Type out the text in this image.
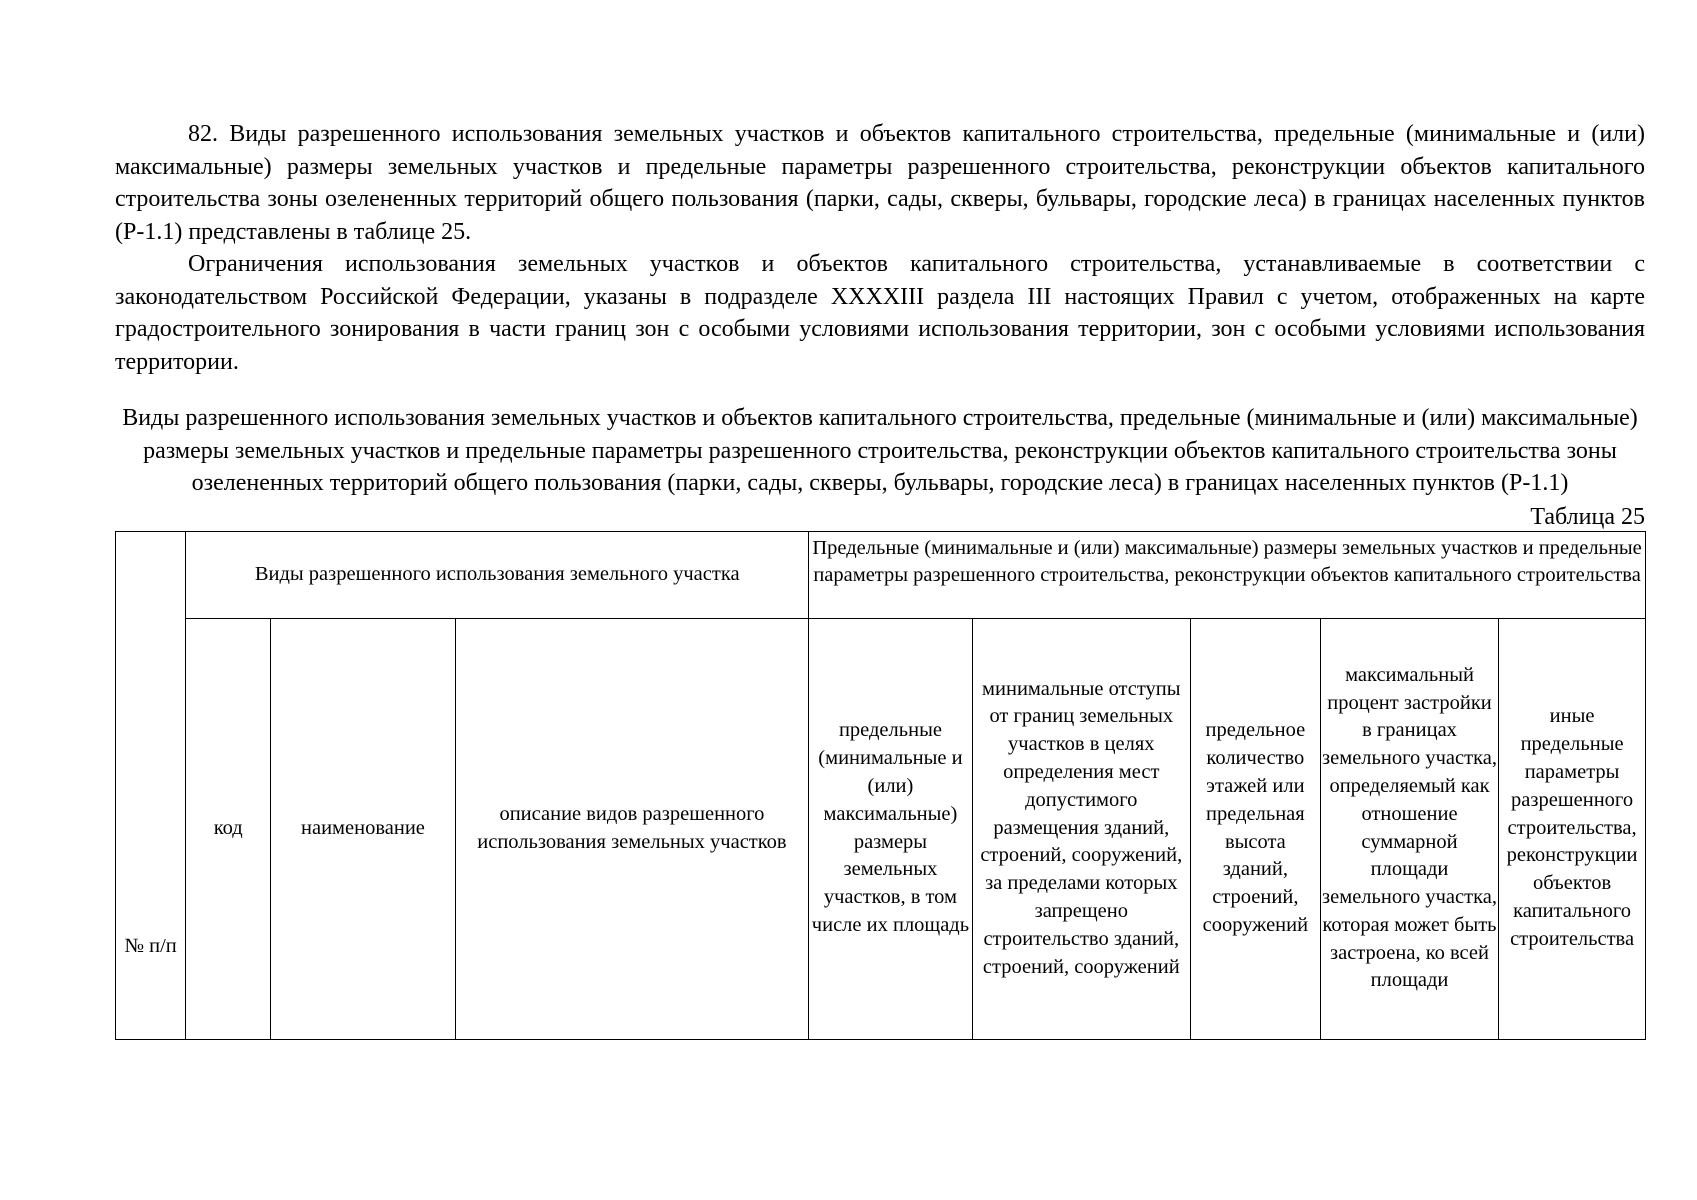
82. Виды разрешенного использования земельных участков и объектов капитального строительства, предельные (минимальные и (или) максимальные) размеры земельных участков и предельные параметры разрешенного строительства, реконструкции объектов капитального строительства зоны озелененных территорий общего пользования (парки, сады, скверы, бульвары, городские леса) в границах населенных пунктов (Р-1.1) представлены в таблице 25.

Ограничения использования земельных участков и объектов капитального строительства, устанавливаемые в соответствии с законодательством Российской Федерации, указаны в подразделе XXXXIII раздела III настоящих Правил с учетом, отображенных на карте градостроительного зонирования в части границ зон с особыми условиями использования территории, зон с особыми условиями использования территории.

Виды разрешенного использования земельных участков и объектов капитального строительства, предельные (минимальные и (или) максимальные) размеры земельных участков и предельные параметры разрешенного строительства, реконструкции объектов капитального строительства зоны озелененных территорий общего пользования (парки, сады, скверы, бульвары, городские леса) в границах населенных пунктов (Р-1.1)
Таблица 25
№ п/п	Виды разрешенного использования земельного участка			Предельные (минимальные и (или) максимальные) размеры земельных участков и предельные параметры разрешенного строительства, реконструкции объектов капитального строительства				
	код	наименование	описание видов разрешенного использования земельных участков	предельные (минимальные и (или) максимальные) размеры земельных участков, в том числе их площадь	минимальные отступы от границ земельных участков в целях определения мест допустимого размещения зданий, строений, сооружений, за пределами которых запрещено строительство зданий, строений, сооружений	предельное количество этажей или предельная высота зданий, строений, сооружений	максимальный процент застройки в границах земельного участка, определяемый как отношение суммарной площади земельного участка, которая может быть застроена, ко всей площади	иные предельные параметры разрешенного строительства, реконструкции объектов капитального строительства
